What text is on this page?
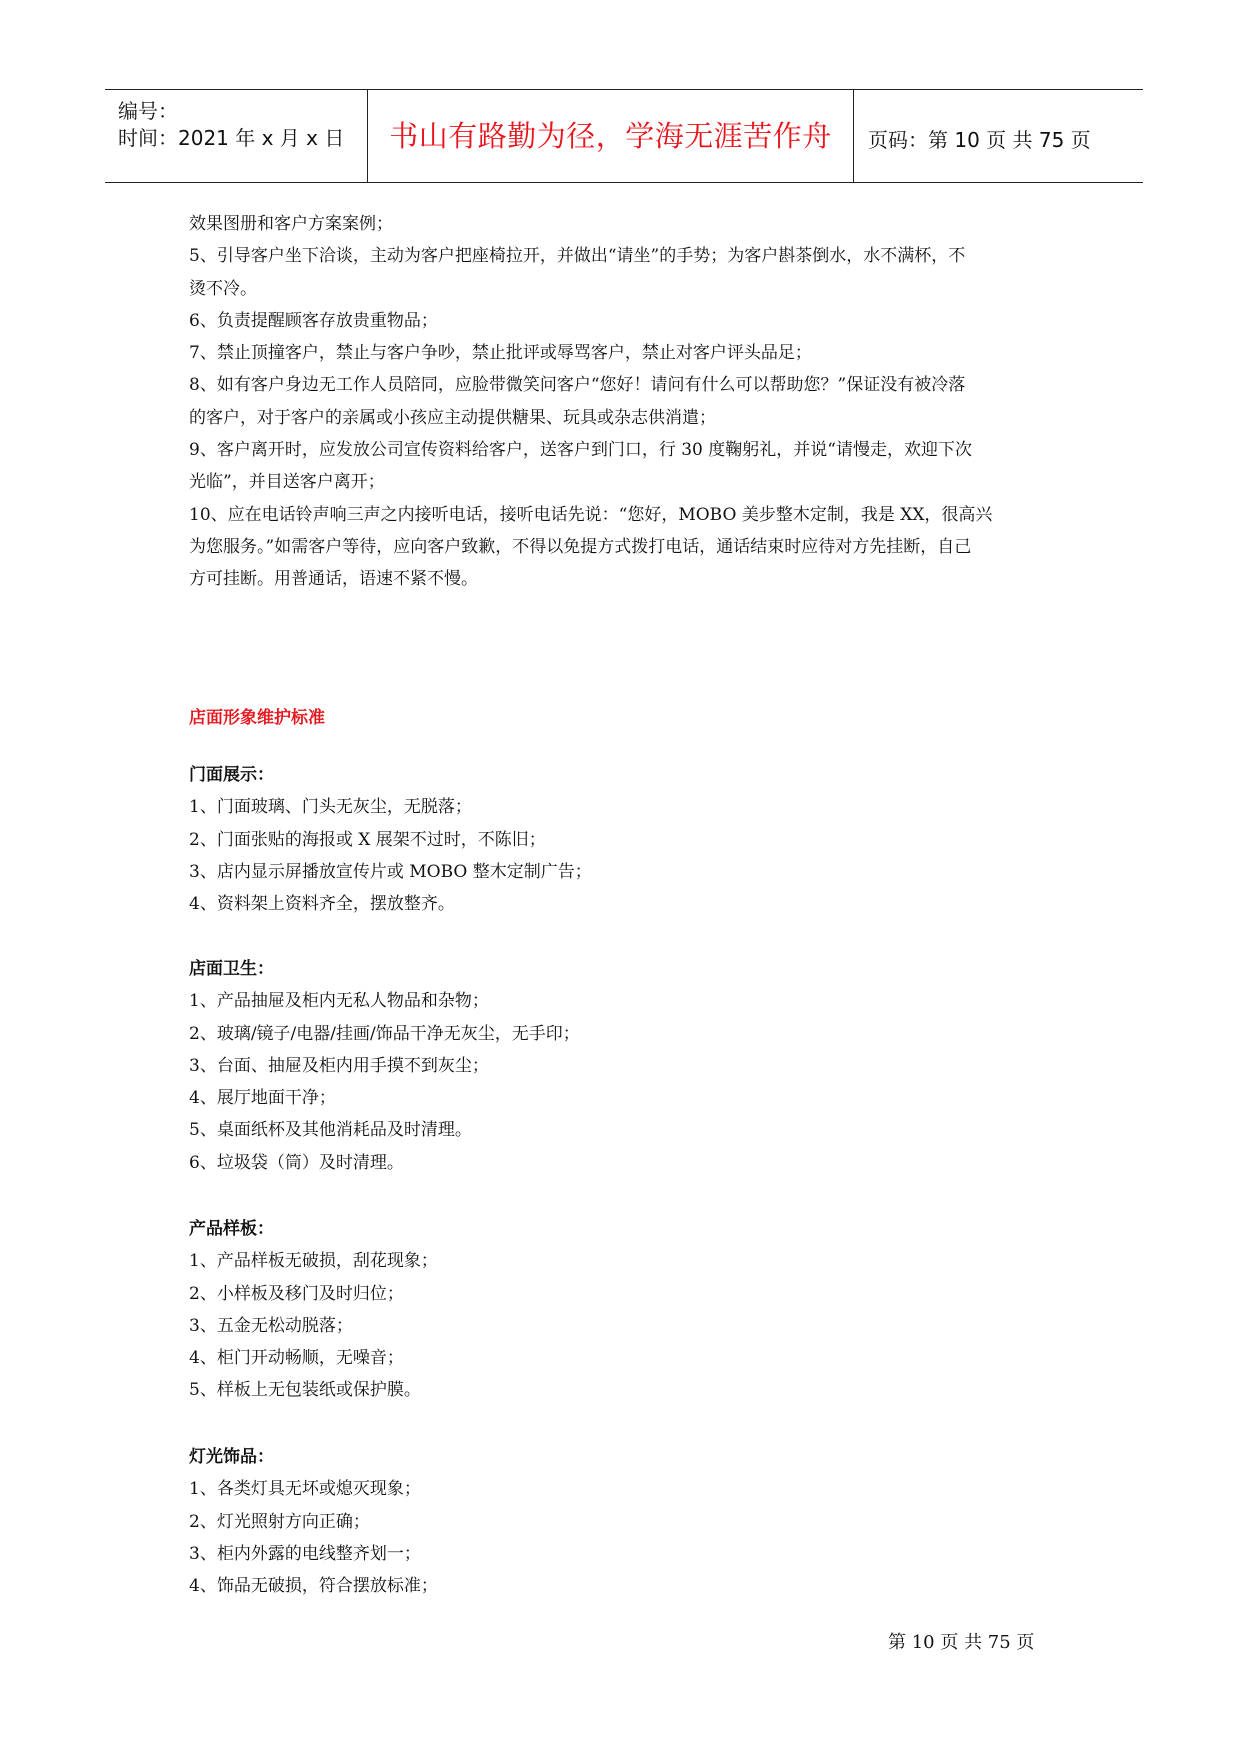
编号：
时间：2021 年 x 月 x 日	书山有路勤为径，学海无涯苦作舟	页码：第 10 页 共 75 页
效果图册和客户方案案例；
5、引导客户坐下洽谈，主动为客户把座椅拉开，并做出“请坐”的手势；为客户斟茶倒水，水不满杯，不
烫不冷。
6、负责提醒顾客存放贵重物品；
7、禁止顶撞客户，禁止与客户争吵，禁止批评或辱骂客户，禁止对客户评头品足；
8、如有客户身边无工作人员陪同，应脸带微笑问客户“您好！请问有什么可以帮助您？”保证没有被冷落
的客户，对于客户的亲属或小孩应主动提供糖果、玩具或杂志供消遣；
9、客户离开时，应发放公司宣传资料给客户，送客户到门口，行 30 度鞠躬礼，并说“请慢走，欢迎下次
光临”，并目送客户离开；
10、应在电话铃声响三声之内接听电话，接听电话先说：“您好，MOBO 美步整木定制，我是 XX，很高兴
为您服务。”如需客户等待，应向客户致歉，不得以免提方式拨打电话，通话结束时应待对方先挂断，自己
方可挂断。用普通话，语速不紧不慢。
店面形象维护标准
门面展示：
1、门面玻璃、门头无灰尘，无脱落；
2、门面张贴的海报或 X 展架不过时，不陈旧；
3、店内显示屏播放宣传片或 MOBO 整木定制广告；
4、资料架上资料齐全，摆放整齐。
店面卫生：
1、产品抽屉及柜内无私人物品和杂物；
2、玻璃/镜子/电器/挂画/饰品干净无灰尘，无手印；
3、台面、抽屉及柜内用手摸不到灰尘；
4、展厅地面干净；
5、桌面纸杯及其他消耗品及时清理。
6、垃圾袋（筒）及时清理。
产品样板：
1、产品样板无破损，刮花现象；
2、小样板及移门及时归位；
3、五金无松动脱落；
4、柜门开动畅顺，无噪音；
5、样板上无包装纸或保护膜。
灯光饰品：
1、各类灯具无坏或熄灭现象；
2、灯光照射方向正确；
3、柜内外露的电线整齐划一；
4、饰品无破损，符合摆放标准；
第 10 页 共 75 页
